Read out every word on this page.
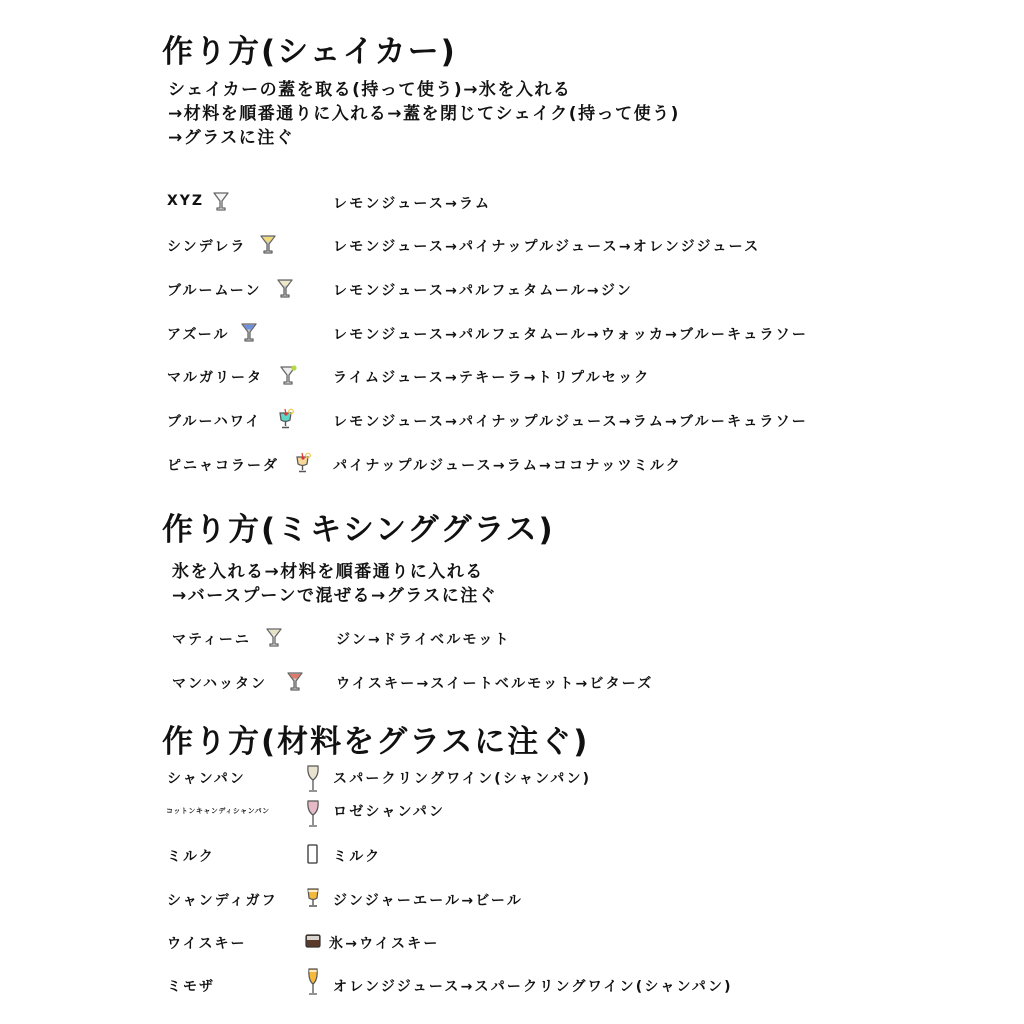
作り方(シェイカー)
シェイカーの蓋を取る(持って使う)→氷を入れる
→材料を順番通りに入れる→蓋を閉じてシェイク(持って使う)
→グラスに注ぐ
XYZ	レモンジュース→ラム
シンデレラ	レモンジュース→パイナップルジュース→オレンジジュース
ブルームーン	レモンジュース→パルフェタムール→ジン
アズール	レモンジュース→パルフェタムール→ウォッカ→ブルーキュラソー
マルガリータ	ライムジュース→テキーラ→トリプルセック
ブルーハワイ	レモンジュース→パイナップルジュース→ラム→ブルーキュラソー
ピニャコラーダ	パイナップルジュース→ラム→ココナッツミルク
作り方(ミキシンググラス)
氷を入れる→材料を順番通りに入れる
→バースプーンで混ぜる→グラスに注ぐ
マティーニ	ジン→ドライベルモット
マンハッタン	ウイスキー→スイートベルモット→ビターズ
作り方(材料をグラスに注ぐ)
シャンパン	スパークリングワイン(シャンパン)
コットンキャンディシャンパン	ロゼシャンパン
ミルク	ミルク
シャンディガフ	ジンジャーエール→ビール
ウイスキー	氷→ウイスキー
ミモザ	オレンジジュース→スパークリングワイン(シャンパン)
